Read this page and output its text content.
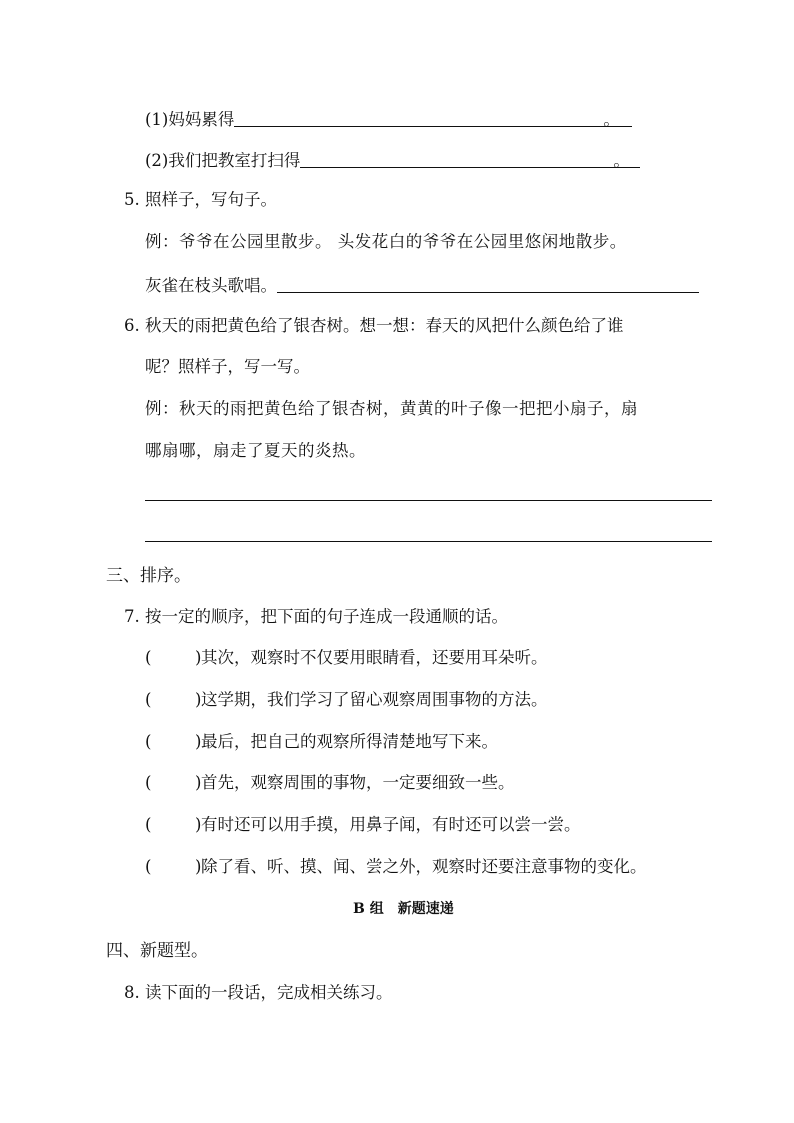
(1)妈妈累得	。
(2)我们把教室打扫得	。
5. 照样子，写句子。
例：爷爷在公园里散步。 头发花白的爷爷在公园里悠闲地散步。
灰雀在枝头歌唱。
6. 秋天的雨把黄色给了银杏树。想一想：春天的风把什么颜色给了谁
呢？照样子，写一写。
例：秋天的雨把黄色给了银杏树，黄黄的叶子像一把把小扇子，扇
哪扇哪，扇走了夏天的炎热。
三、排序。
7. 按一定的顺序，把下面的句子连成一段通顺的话。
(	)其次，观察时不仅要用眼睛看，还要用耳朵听。
(	)这学期，我们学习了留心观察周围事物的方法。
(	)最后，把自己的观察所得清楚地写下来。
(	)首先，观察周围的事物，一定要细致一些。
(	)有时还可以用手摸，用鼻子闻，有时还可以尝一尝。
(	)除了看、听、摸、闻、尝之外，观察时还要注意事物的变化。
B 组 新题速递
四、新题型。
8. 读下面的一段话，完成相关练习。
